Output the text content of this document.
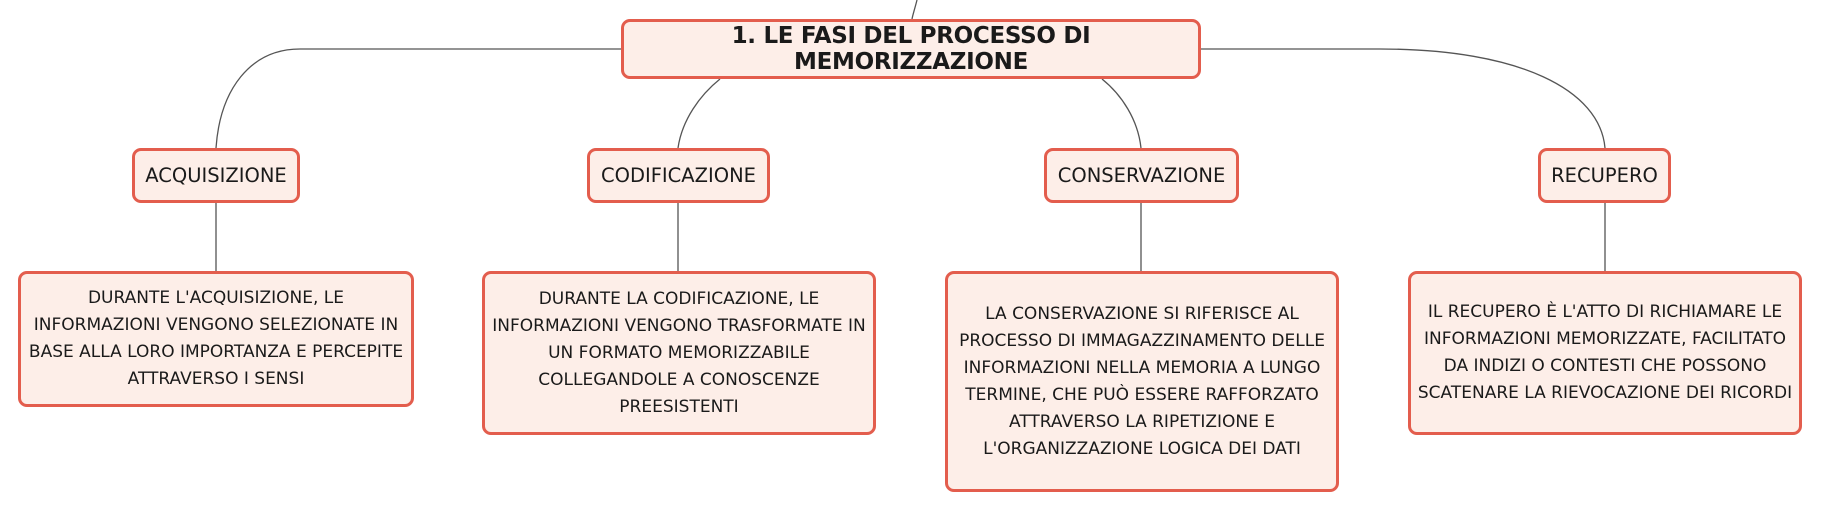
1. LE FASI DEL PROCESSO DI MEMORIZZAZIONE
ACQUISIZIONE	CODIFICAZIONE	CONSERVAZIONE	RECUPERO
DURANTE L'ACQUISIZIONE, LE INFORMAZIONI VENGONO SELEZIONATE IN BASE ALLA LORO IMPORTANZA E PERCEPITE ATTRAVERSO I SENSI
DURANTE LA CODIFICAZIONE, LE INFORMAZIONI VENGONO TRASFORMATE IN UN FORMATO MEMORIZZABILE COLLEGANDOLE A CONOSCENZE PREESISTENTI
LA CONSERVAZIONE SI RIFERISCE AL PROCESSO DI IMMAGAZZINAMENTO DELLE INFORMAZIONI NELLA MEMORIA A LUNGO TERMINE, CHE PUÒ ESSERE RAFFORZATO ATTRAVERSO LA RIPETIZIONE E L'ORGANIZZAZIONE LOGICA DEI DATI
IL RECUPERO È L'ATTO DI RICHIAMARE LE INFORMAZIONI MEMORIZZATE, FACILITATO DA INDIZI O CONTESTI CHE POSSONO SCATENARE LA RIEVOCAZIONE DEI RICORDI
